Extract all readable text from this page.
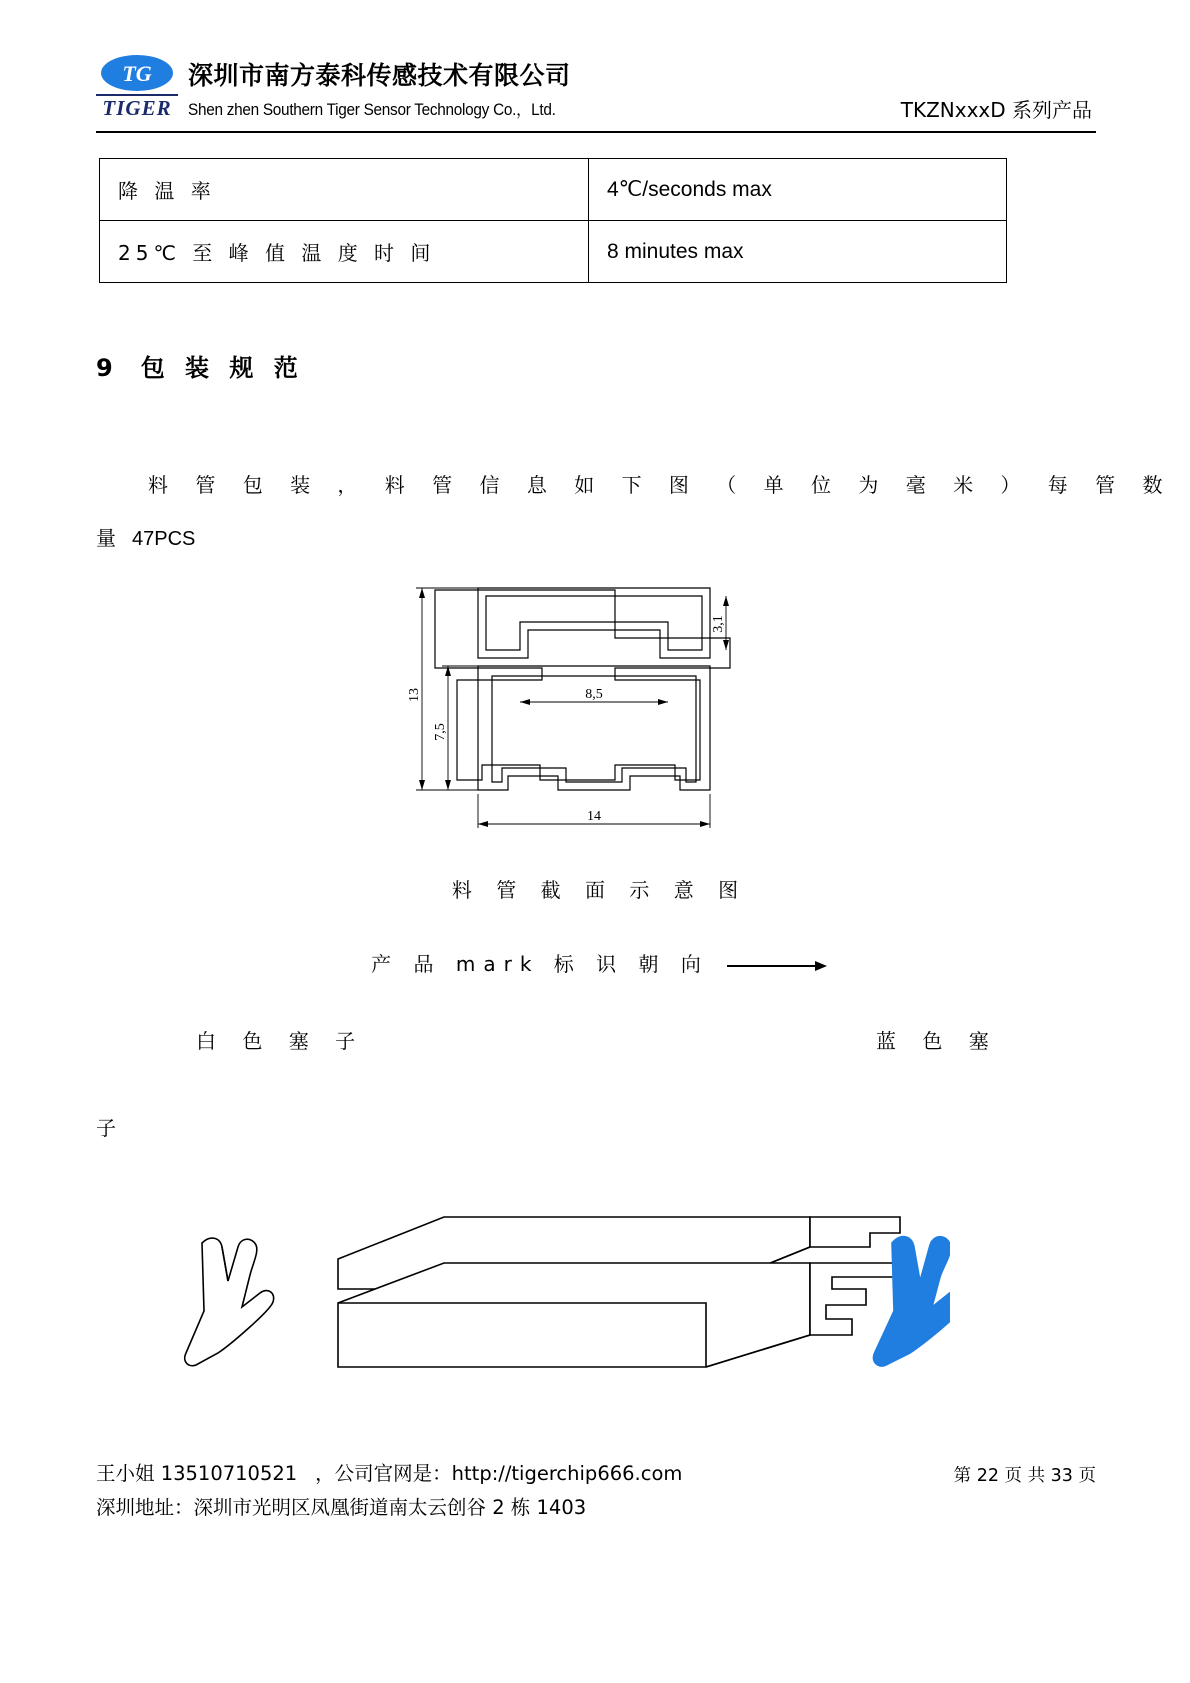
TG
TIGER
深圳市南方泰科传感技术有限公司
Shen zhen Southern Tiger Sensor Technology Co.，Ltd.	TKZNxxxD 系列产品
降 温 率	4℃/seconds max
25℃ 至 峰 值 温 度 时 间	8 minutes max
9 包 装 规 范
料 管 包 装 ， 料 管 信 息 如 下 图 （ 单 位 为 毫 米 ） 每 管 数
量 47PCS
13
7,5
8,5
3,1
14
料 管 截 面 示 意 图
产 品 mark 标 识 朝 向
白 色 塞 子	蓝 色 塞
子
王小姐 13510710521 ，公司官网是：http://tigerchip666.com
深圳地址：深圳市光明区凤凰街道南太云创谷 2 栋 1403
第 22 页 共 33 页
